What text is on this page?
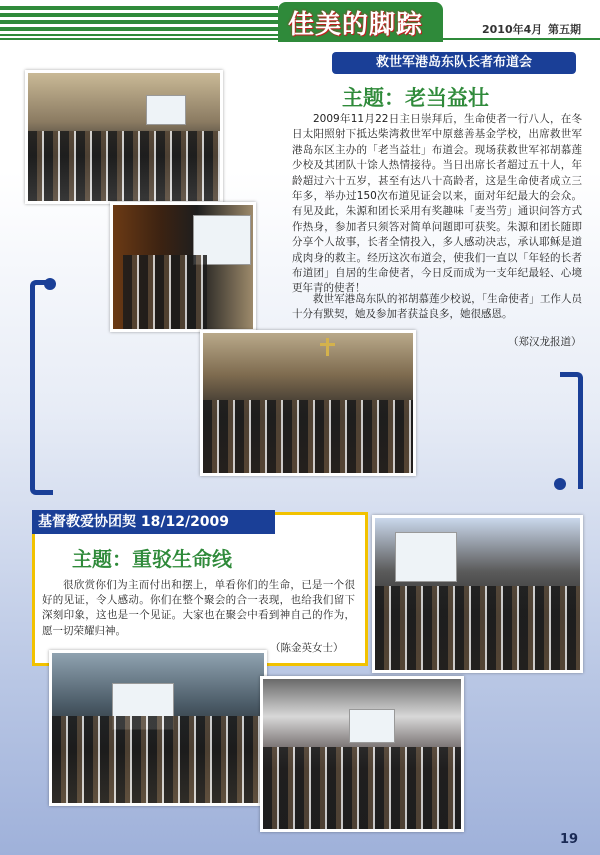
佳美的脚踪	2010年4月 第五期
救世军港岛东队长者布道会
主题：老当益壮

2009年11月22日主日崇拜后，生命使者一行八人，在冬日太阳照射下抵达柴湾救世军中原慈善基金学校，出席救世军港岛东区主办的「老当益壮」布道会。现场获救世军祁胡慕莲少校及其团队十馀人热情接待。当日出席长者超过五十人，年龄超过六十五岁，甚至有达八十高龄者，这是生命使者成立三年多，举办过150次布道见证会以来，面对年纪最大的会众。有见及此，朱源和团长采用有奖趣味「麦当劳」通识问答方式作热身，参加者只须答对简单问题即可获奖。朱源和团长随即分享个人故事，长者全情投入，多人感动决志，承认耶稣是道成肉身的救主。经历这次布道会，使我们一直以「年轻的长者布道团」自居的生命使者，今日反而成为一支年纪最轻、心境更年青的使者！

救世军港岛东队的祁胡慕莲少校说，「生命使者」工作人员十分有默契，她及参加者获益良多，她很感恩。

（郑汉龙报道）
基督教爱协团契 18/12/2009
主题：重驳生命线

很欣赏你们为主而付出和摆上，单看你们的生命，已是一个很好的见证，令人感动。你们在整个聚会的合一表现，也给我们留下深刻印象，这也是一个见证。大家也在聚会中看到神自己的作为，愿一切荣耀归神。

（陈金英女士）
19
